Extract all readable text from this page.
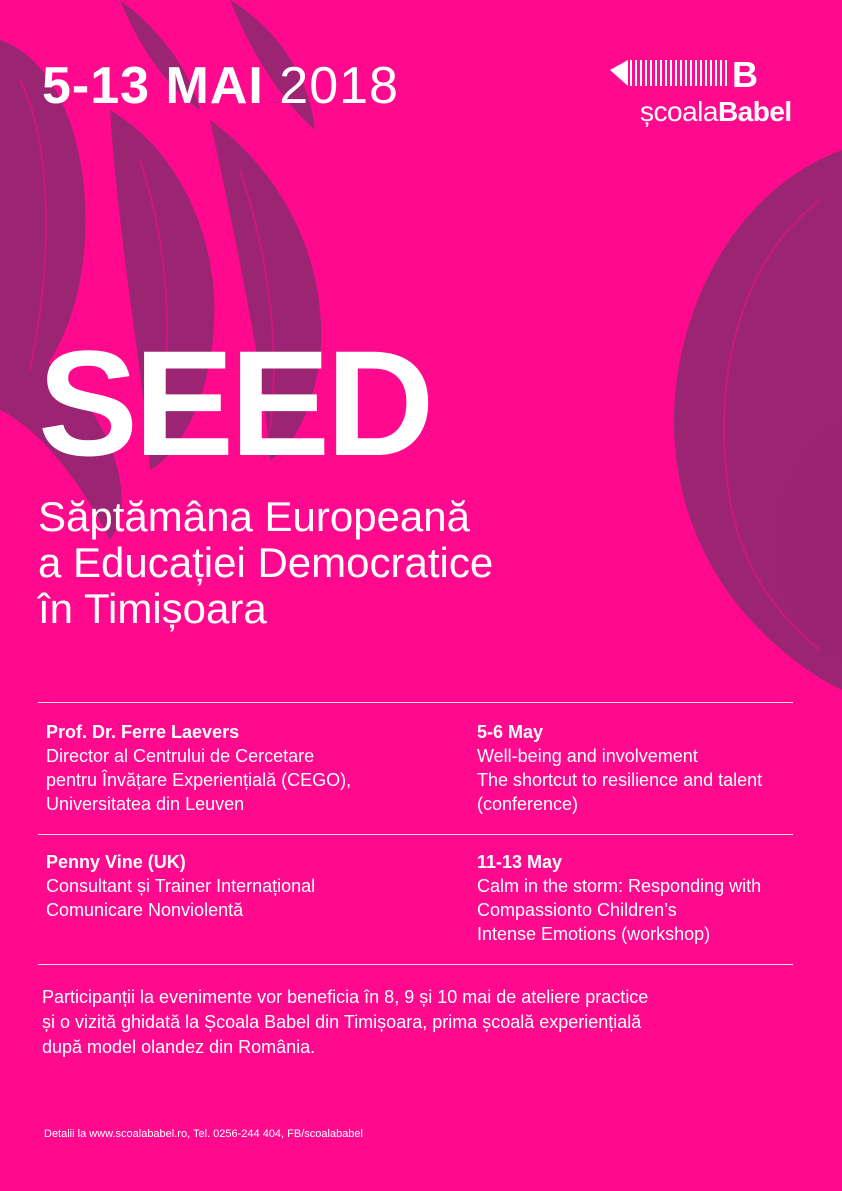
5-13 MAI 2018	B
școalaBabel
SEED
Săptămâna Europeană
a Educației Democratice
în Timișoara
Prof. Dr. Ferre Laevers
Director al Centrului de Cercetare
pentru Învățare Experiențială (CEGO),
Universitatea din Leuven
5-6 May
Well-being and involvement
The shortcut to resilience and talent
(conference)
Penny Vine (UK)
Consultant și Trainer Internațional
Comunicare Nonviolentă
11-13 May
Calm in the storm: Responding with
Compassionto Children’s
Intense Emotions (workshop)
Participanții la evenimente vor beneficia în 8, 9 și 10 mai de ateliere practice
și o vizită ghidată la Școala Babel din Timișoara, prima școală experiențială
după model olandez din România.
Detalii la www.scoalababel.ro, Tel. 0256-244 404, FB/scoalababel
